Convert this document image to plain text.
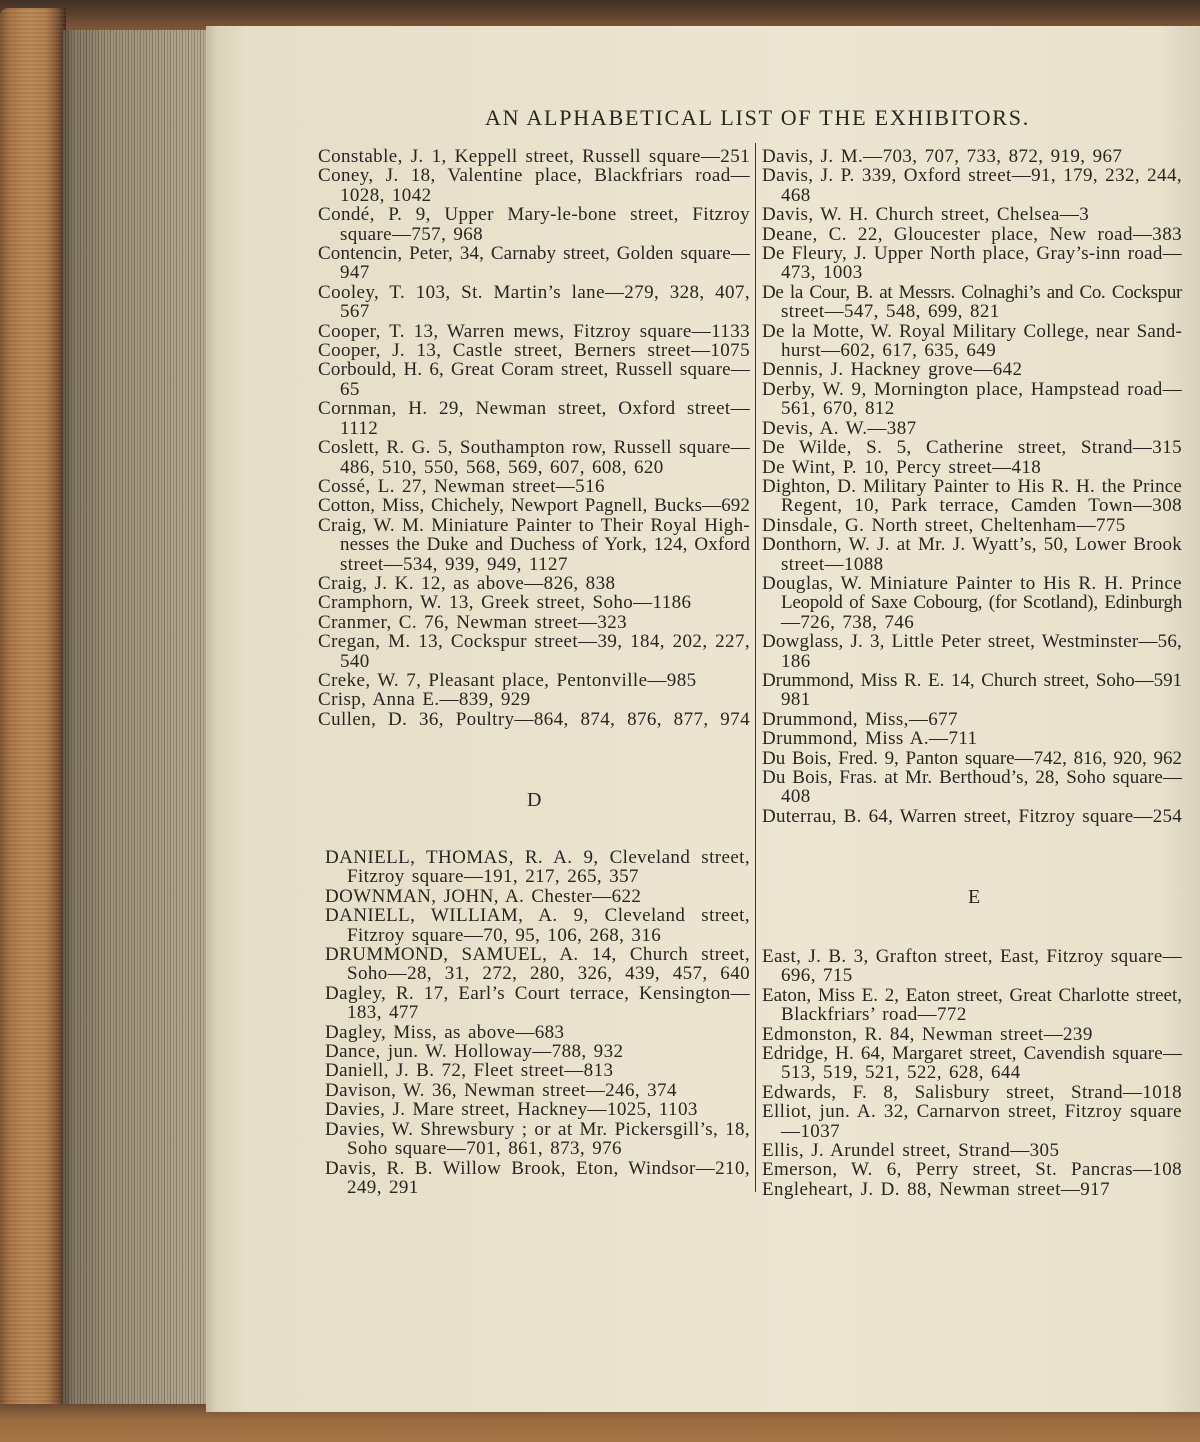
AN ALPHABETICAL LIST OF THE EXHIBITORS.
Constable, J. 1, Keppell street, Russell square—251
Coney, J. 18, Valentine place, Blackfriars road—
1028, 1042
Condé, P. 9, Upper Mary-le-bone street, Fitzroy
square—757, 968
Contencin, Peter, 34, Carnaby street, Golden square—
947
Cooley, T. 103, St. Martin’s lane—279, 328, 407,
567
Cooper, T. 13, Warren mews, Fitzroy square—1133
Cooper, J. 13, Castle street, Berners street—1075
Corbould, H. 6, Great Coram street, Russell square—
65
Cornman, H. 29, Newman street, Oxford street—
1112
Coslett, R. G. 5, Southampton row, Russell square—
486, 510, 550, 568, 569, 607, 608, 620
Cossé, L. 27, Newman street—516
Cotton, Miss, Chichely, Newport Pagnell, Bucks—692
Craig, W. M. Miniature Painter to Their Royal High-
nesses the Duke and Duchess of York, 124, Oxford
street—534, 939, 949, 1127
Craig, J. K. 12, as above—826, 838
Cramphorn, W. 13, Greek street, Soho—1186
Cranmer, C. 76, Newman street—323
Cregan, M. 13, Cockspur street—39, 184, 202, 227,
540
Creke, W. 7, Pleasant place, Pentonville—985
Crisp, Anna E.—839, 929
Cullen, D. 36, Poultry—864, 874, 876, 877, 974
D
DANIELL, THOMAS, R. A. 9, Cleveland street,
Fitzroy square—191, 217, 265, 357
DOWNMAN, JOHN, A. Chester—622
DANIELL, WILLIAM, A. 9, Cleveland street,
Fitzroy square—70, 95, 106, 268, 316
DRUMMOND, SAMUEL, A. 14, Church street,
Soho—28, 31, 272, 280, 326, 439, 457, 640
Dagley, R. 17, Earl’s Court terrace, Kensington—
183, 477
Dagley, Miss, as above—683
Dance, jun. W. Holloway—788, 932
Daniell, J. B. 72, Fleet street—813
Davison, W. 36, Newman street—246, 374
Davies, J. Mare street, Hackney—1025, 1103
Davies, W. Shrewsbury ; or at Mr. Pickersgill’s, 18,
Soho square—701, 861, 873, 976
Davis, R. B. Willow Brook, Eton, Windsor—210,
249, 291
Davis, J. M.—703, 707, 733, 872, 919, 967
Davis, J. P. 339, Oxford street—91, 179, 232, 244,
468
Davis, W. H. Church street, Chelsea—3
Deane, C. 22, Gloucester place, New road—383
De Fleury, J. Upper North place, Gray’s-inn road—
473, 1003
De la Cour, B. at Messrs. Colnaghi’s and Co. Cockspur
street—547, 548, 699, 821
De la Motte, W. Royal Military College, near Sand-
hurst—602, 617, 635, 649
Dennis, J. Hackney grove—642
Derby, W. 9, Mornington place, Hampstead road—
561, 670, 812
Devis, A. W.—387
De Wilde, S. 5, Catherine street, Strand—315
De Wint, P. 10, Percy street—418
Dighton, D. Military Painter to His R. H. the Prince
Regent, 10, Park terrace, Camden Town—308
Dinsdale, G. North street, Cheltenham—775
Donthorn, W. J. at Mr. J. Wyatt’s, 50, Lower Brook
street—1088
Douglas, W. Miniature Painter to His R. H. Prince
Leopold of Saxe Cobourg, (for Scotland), Edinburgh
—726, 738, 746
Dowglass, J. 3, Little Peter street, Westminster—56,
186
Drummond, Miss R. E. 14, Church street, Soho—591
981
Drummond, Miss,—677
Drummond, Miss A.—711
Du Bois, Fred. 9, Panton square—742, 816, 920, 962
Du Bois, Fras. at Mr. Berthoud’s, 28, Soho square—
408
Duterrau, B. 64, Warren street, Fitzroy square—254
E
East, J. B. 3, Grafton street, East, Fitzroy square—
696, 715
Eaton, Miss E. 2, Eaton street, Great Charlotte street,
Blackfriars’ road—772
Edmonston, R. 84, Newman street—239
Edridge, H. 64, Margaret street, Cavendish square—
513, 519, 521, 522, 628, 644
Edwards, F. 8, Salisbury street, Strand—1018
Elliot, jun. A. 32, Carnarvon street, Fitzroy square
—1037
Ellis, J. Arundel street, Strand—305
Emerson, W. 6, Perry street, St. Pancras—108
Engleheart, J. D. 88, Newman street—917
